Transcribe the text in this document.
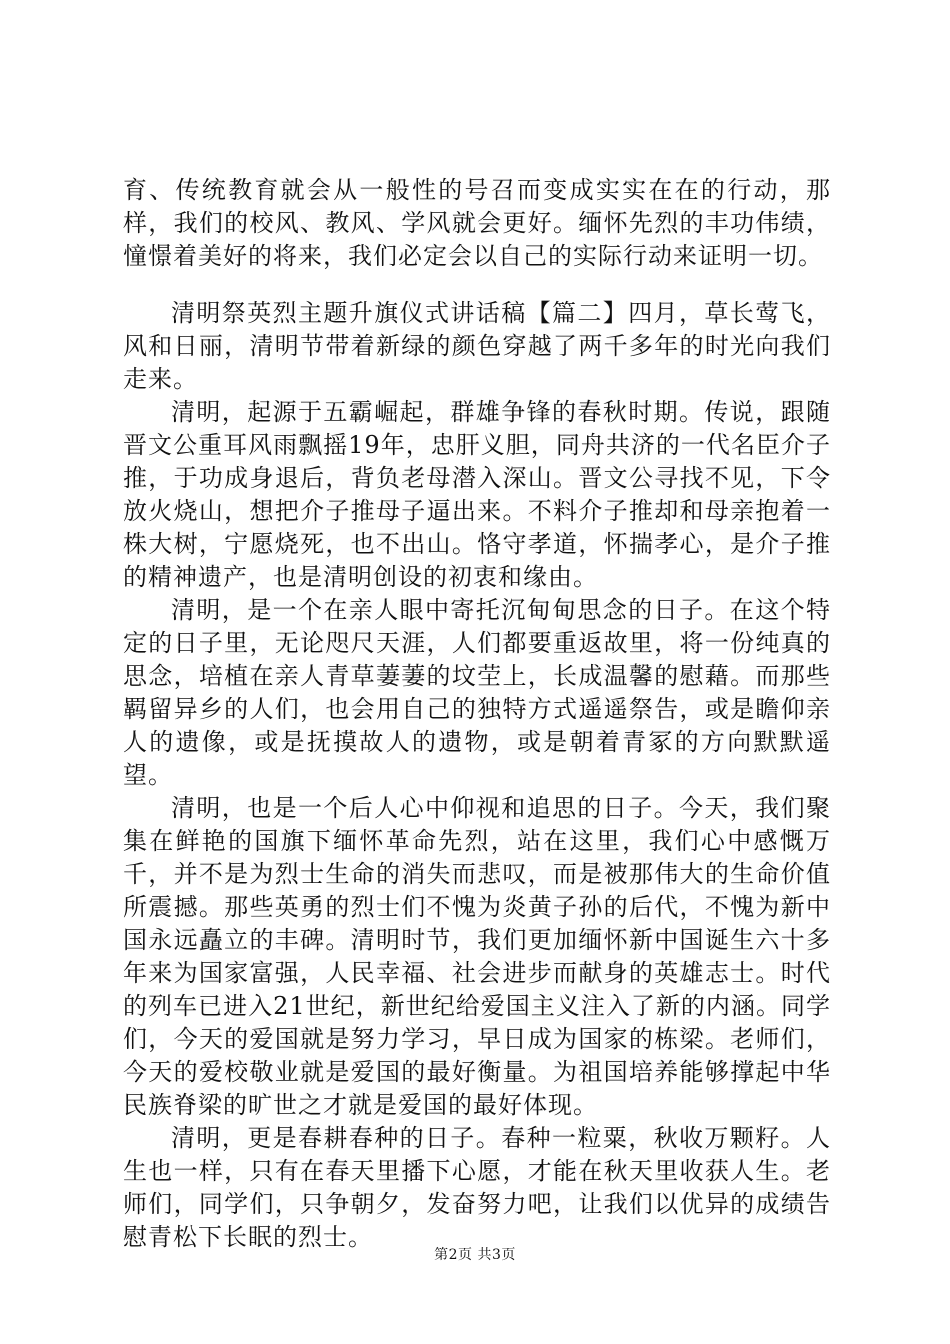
育、传统教育就会从一般性的号召而变成实实在在的行动，那样，我们的校风、教风、学风就会更好。缅怀先烈的丰功伟绩，憧憬着美好的将来，我们必定会以自己的实际行动来证明一切。

清明祭英烈主题升旗仪式讲话稿【篇二】四月，草长莺飞，风和日丽，清明节带着新绿的颜色穿越了两千多年的时光向我们走来。

清明，起源于五霸崛起，群雄争锋的春秋时期。传说，跟随晋文公重耳风雨飘摇19年，忠肝义胆，同舟共济的一代名臣介子推，于功成身退后，背负老母潜入深山。晋文公寻找不见，下令放火烧山，想把介子推母子逼出来。不料介子推却和母亲抱着一株大树，宁愿烧死，也不出山。恪守孝道，怀揣孝心，是介子推的精神遗产，也是清明创设的初衷和缘由。

清明，是一个在亲人眼中寄托沉甸甸思念的日子。在这个特定的日子里，无论咫尺天涯，人们都要重返故里，将一份纯真的思念，培植在亲人青草萋萋的坟茔上，长成温馨的慰藉。而那些羁留异乡的人们，也会用自己的独特方式遥遥祭告，或是瞻仰亲人的遗像，或是抚摸故人的遗物，或是朝着青冢的方向默默遥望。

清明，也是一个后人心中仰视和追思的日子。今天，我们聚集在鲜艳的国旗下缅怀革命先烈，站在这里，我们心中感慨万千，并不是为烈士生命的消失而悲叹，而是被那伟大的生命价值所震撼。那些英勇的烈士们不愧为炎黄子孙的后代，不愧为新中国永远矗立的丰碑。清明时节，我们更加缅怀新中国诞生六十多年来为国家富强，人民幸福、社会进步而献身的英雄志士。时代的列车已进入21世纪，新世纪给爱国主义注入了新的内涵。同学们，今天的爱国就是努力学习，早日成为国家的栋梁。老师们，今天的爱校敬业就是爱国的最好衡量。为祖国培养能够撑起中华民族脊梁的旷世之才就是爱国的最好体现。

清明，更是春耕春种的日子。春种一粒粟，秋收万颗籽。人生也一样，只有在春天里播下心愿，才能在秋天里收获人生。老师们，同学们，只争朝夕，发奋努力吧，让我们以优异的成绩告慰青松下长眠的烈士。

第2页 共3页
